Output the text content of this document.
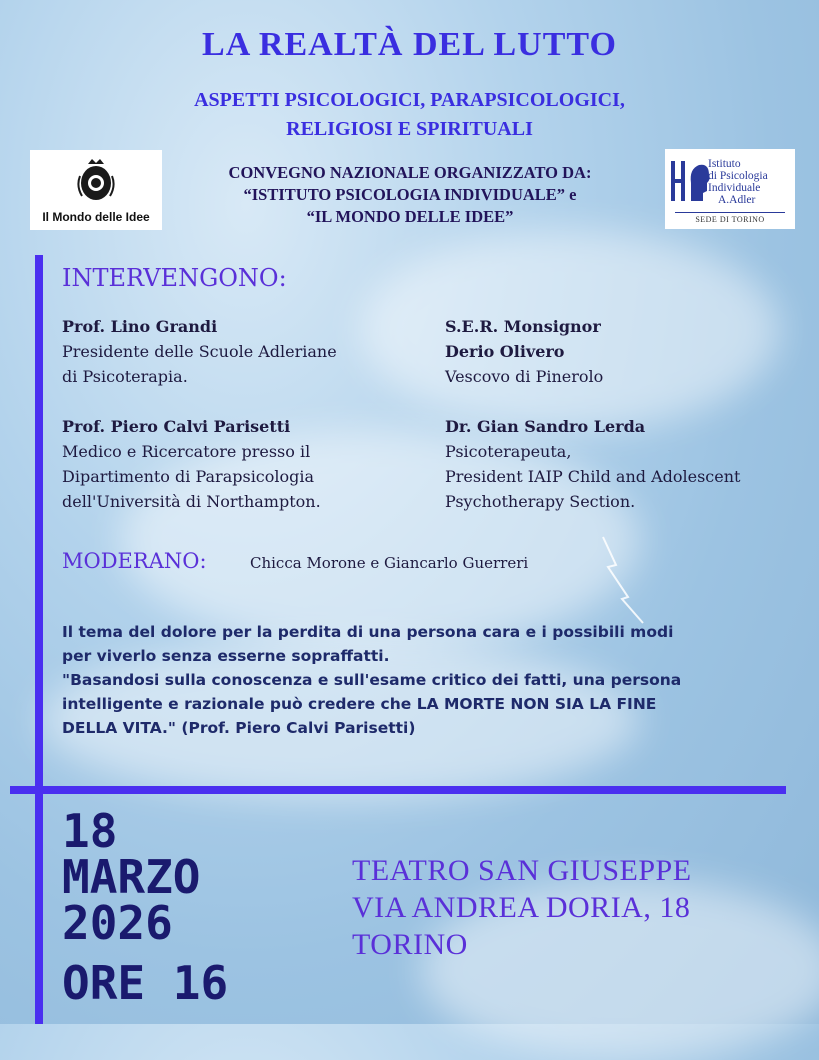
LA REALTÀ DEL LUTTO
ASPETTI PSICOLOGICI, PARAPSICOLOGICI,
RELIGIOSI E SPIRITUALI
Il Mondo delle Idee
CONVEGNO NAZIONALE ORGANIZZATO DA:
“ISTITUTO PSICOLOGIA INDIVIDUALE” e
“IL MONDO DELLE IDEE”
Istituto
di Psicologia
Individuale
A.Adler
SEDE DI TORINO
INTERVENGONO:
Prof. Lino Grandi
Presidente delle Scuole Adleriane
di Psicoterapia.
Prof. Piero Calvi Parisetti
Medico e Ricercatore presso il
Dipartimento di Parapsicologia
dell'Università di Northampton.
S.E.R. Monsignor
Derio Olivero
Vescovo di Pinerolo
Dr. Gian Sandro Lerda
Psicoterapeuta,
President IAIP Child and Adolescent
Psychotherapy Section.
MODERANO:	Chicca Morone e Giancarlo Guerreri
Il tema del dolore per la perdita di una persona cara e i possibili modi
per viverlo senza esserne sopraffatti.
"Basandosi sulla conoscenza e sull'esame critico dei fatti, una persona
intelligente e razionale può credere che LA MORTE NON SIA LA FINE
DELLA VITA." (Prof. Piero Calvi Parisetti)
18
MARZO
2026
ORE 16
TEATRO SAN GIUSEPPE
VIA ANDREA DORIA, 18
TORINO
